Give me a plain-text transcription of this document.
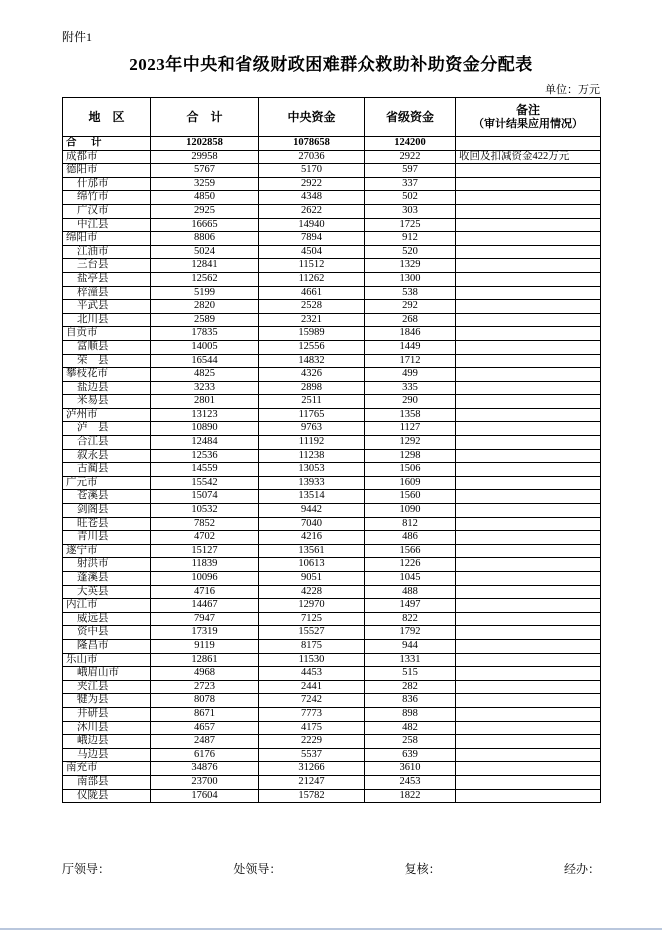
附件1
2023年中央和省级财政困难群众救助补助资金分配表
单位：万元
地　区	合　计	中央资金	省级资金	备注
（审计结果应用情况）

合　计	1202858	1078658	124200	
成都市	29958	27036	2922	收回及扣减资金422万元
德阳市	5767	5170	597	
什邡市	3259	2922	337	
绵竹市	4850	4348	502	
广汉市	2925	2622	303	
中江县	16665	14940	1725	
绵阳市	8806	7894	912	
江油市	5024	4504	520	
三台县	12841	11512	1329	
盐亭县	12562	11262	1300	
梓潼县	5199	4661	538	
平武县	2820	2528	292	
北川县	2589	2321	268	
自贡市	17835	15989	1846	
富顺县	14005	12556	1449	
荣　县	16544	14832	1712	
攀枝花市	4825	4326	499	
盐边县	3233	2898	335	
米易县	2801	2511	290	
泸州市	13123	11765	1358	
泸　县	10890	9763	1127	
合江县	12484	11192	1292	
叙永县	12536	11238	1298	
古蔺县	14559	13053	1506	
广元市	15542	13933	1609	
苍溪县	15074	13514	1560	
剑阁县	10532	9442	1090	
旺苍县	7852	7040	812	
青川县	4702	4216	486	
遂宁市	15127	13561	1566	
射洪市	11839	10613	1226	
蓬溪县	10096	9051	1045	
大英县	4716	4228	488	
内江市	14467	12970	1497	
威远县	7947	7125	822	
资中县	17319	15527	1792	
隆昌市	9119	8175	944	
乐山市	12861	11530	1331	
峨眉山市	4968	4453	515	
夹江县	2723	2441	282	
犍为县	8078	7242	836	
井研县	8671	7773	898	
沐川县	4657	4175	482	
峨边县	2487	2229	258	
马边县	6176	5537	639	
南充市	34876	31266	3610	
南部县	23700	21247	2453	
仪陇县	17604	15782	1822	
厅领导：	处领导：	复核：	经办：
